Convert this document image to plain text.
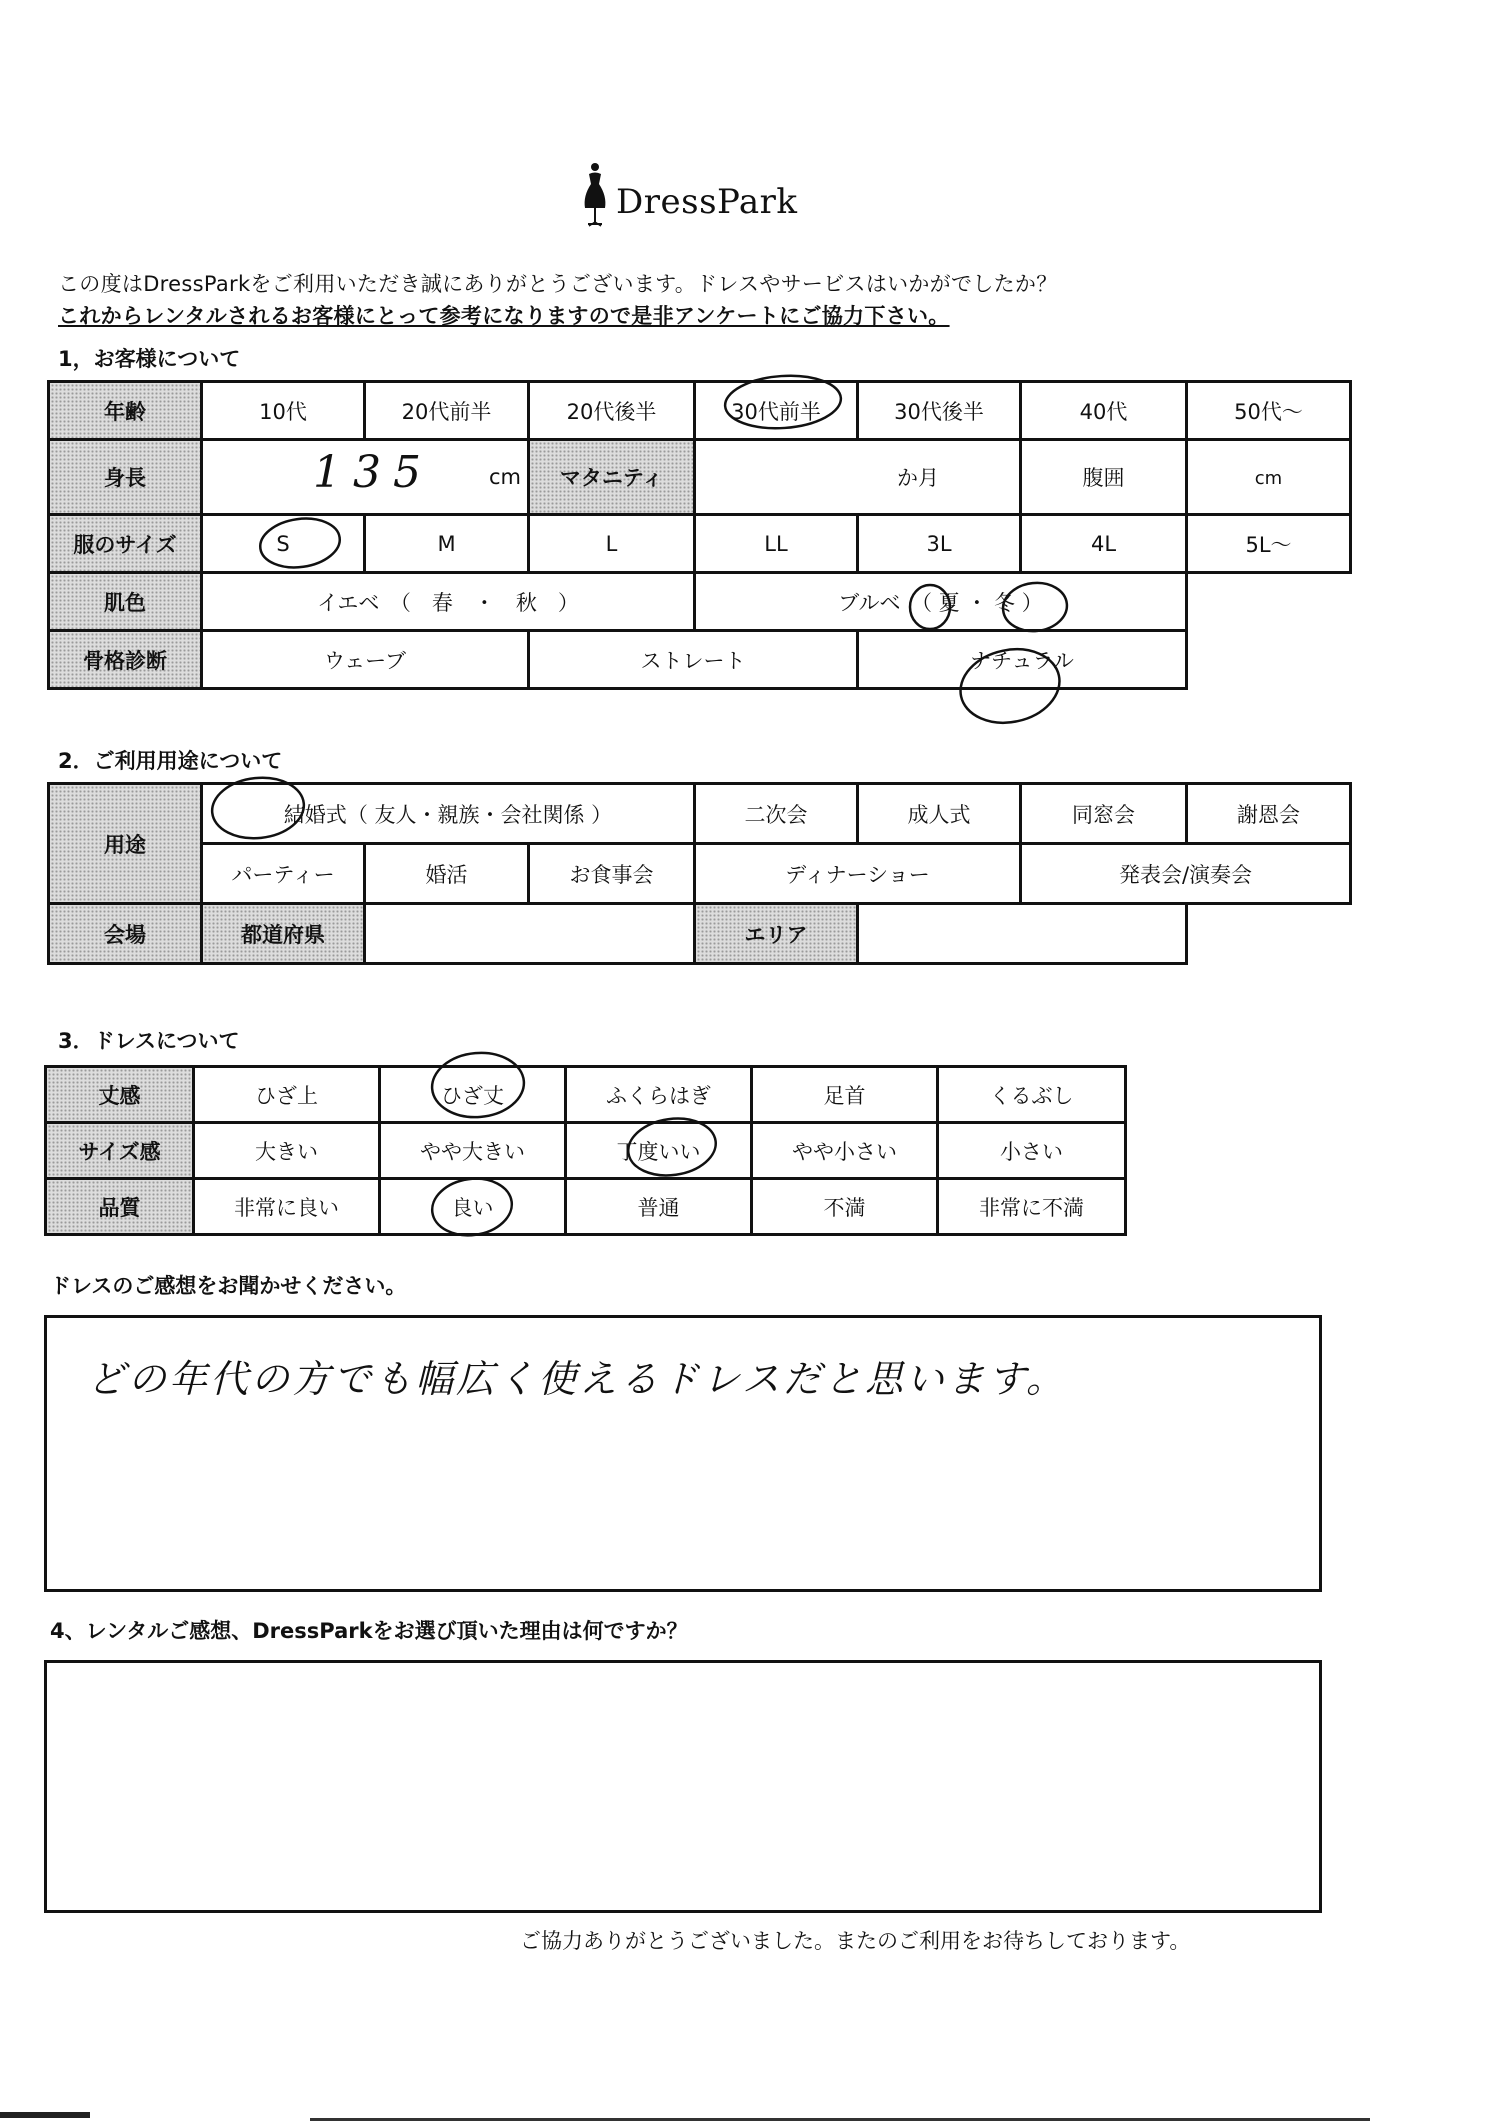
DressPark
この度はDressParkをご利用いただき誠にありがとうございます。ドレスやサービスはいかがでしたか？
これからレンタルされるお客様にとって参考になりますので是非アンケートにご協力下さい。
1，お客様について
年齢	10代	20代前半	20代後半	30代前半	30代後半	40代	50代～
身長	135 cm		マタニティ	か月		腹囲	cm
服のサイズ	S	M	L	LL	3L	4L	5L～
肌色	イエベ　（　春　・　秋　）			ブルベ　（ 夏 ・ 冬 ）			
骨格診断	ウェーブ		ストレート		ナチュラル		
2．ご利用用途について
用途	結婚式（ 友人・親族・会社関係 ）			二次会	成人式	同窓会	謝恩会
	パーティー	婚活	お食事会	ディナーショー		発表会/演奏会	
会場	都道府県			エリア			
3．ドレスについて
丈感	ひざ上	ひざ丈	ふくらはぎ	足首	くるぶし
サイズ感	大きい	やや大きい	丁度いい	やや小さい	小さい
品質	非常に良い	良い	普通	不満	非常に不満
ドレスのご感想をお聞かせください。
どの年代の方でも幅広く使えるドレスだと思います。
4、レンタルご感想、DressParkをお選び頂いた理由は何ですか？
ご協力ありがとうございました。またのご利用をお待ちしております。
